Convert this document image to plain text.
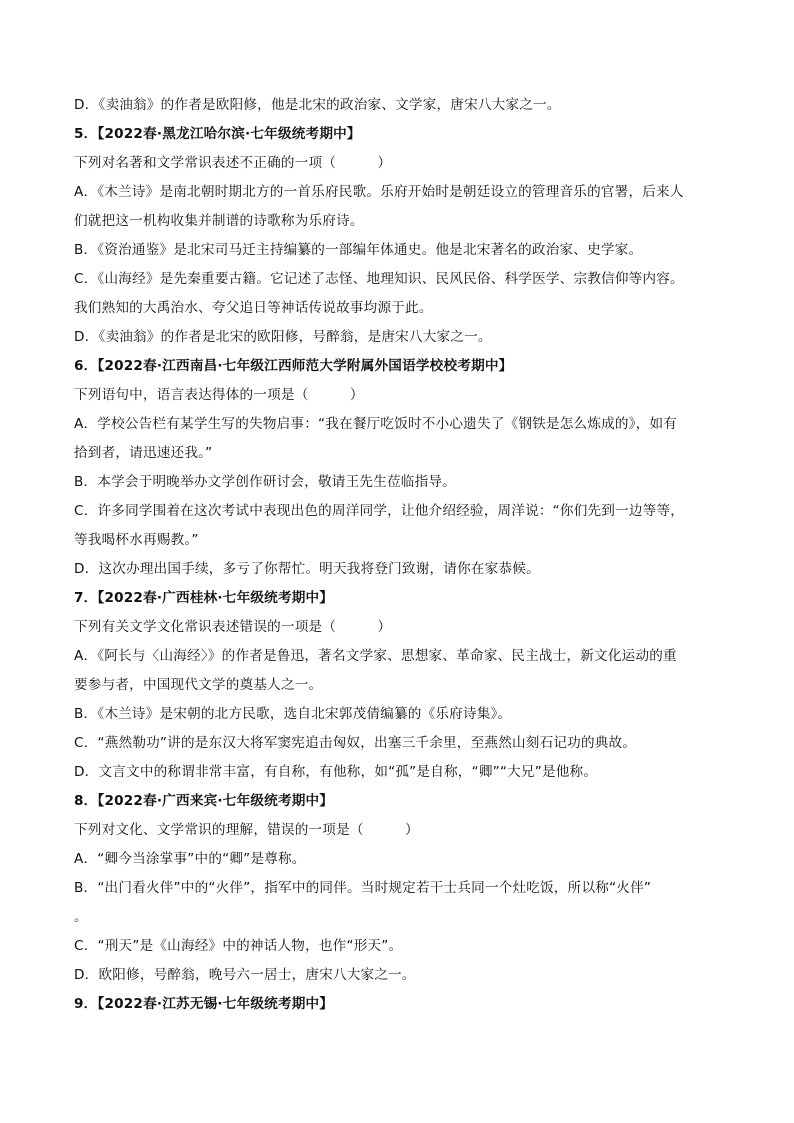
D．《卖油翁》的作者是欧阳修，他是北宋的政治家、文学家，唐宋八大家之一。
5．【2022春·黑龙江哈尔滨·七年级统考期中】
下列对名著和文学常识表述不正确的一项（　　　）
A．《木兰诗》是南北朝时期北方的一首乐府民歌。乐府开始时是朝廷设立的管理音乐的官署，后来人
们就把这一机构收集并制谱的诗歌称为乐府诗。
B．《资治通鉴》是北宋司马迁主持编纂的一部编年体通史。他是北宋著名的政治家、史学家。
C．《山海经》是先秦重要古籍。它记述了志怪、地理知识、民风民俗、科学医学、宗教信仰等内容。
我们熟知的大禹治水、夸父追日等神话传说故事均源于此。
D．《卖油翁》的作者是北宋的欧阳修，号醉翁，是唐宋八大家之一。
6．【2022春·江西南昌·七年级江西师范大学附属外国语学校校考期中】
下列语句中，语言表达得体的一项是（　　　）
A．学校公告栏有某学生写的失物启事：“我在餐厅吃饭时不小心遗失了《钢铁是怎么炼成的》，如有
拾到者，请迅速还我。”
B．本学会于明晚举办文学创作研讨会，敬请王先生莅临指导。
C．许多同学围着在这次考试中表现出色的周洋同学，让他介绍经验，周洋说：“你们先到一边等等，
等我喝杯水再赐教。”
D．这次办理出国手续，多亏了你帮忙。明天我将登门致谢，请你在家恭候。
7．【2022春·广西桂林·七年级统考期中】
下列有关文学文化常识表述错误的一项是（　　　）
A．《阿长与〈山海经〉》的作者是鲁迅，著名文学家、思想家、革命家、民主战士，新文化运动的重
要参与者，中国现代文学的奠基人之一。
B．《木兰诗》是宋朝的北方民歌，选自北宋郭茂倩编纂的《乐府诗集》。
C．“燕然勒功”讲的是东汉大将军窦宪追击匈奴，出塞三千余里，至燕然山刻石记功的典故。
D．文言文中的称谓非常丰富，有自称，有他称，如“孤”是自称，“卿”“大兄”是他称。
8．【2022春·广西来宾·七年级统考期中】
下列对文化、文学常识的理解，错误的一项是（　　　）
A．“卿今当涂掌事”中的“卿”是尊称。
B．“出门看火伴”中的“火伴”，指军中的同伴。当时规定若干士兵同一个灶吃饭，所以称“火伴”
。
C．“刑天”是《山海经》中的神话人物，也作“形天”。
D．欧阳修，号醉翁，晚号六一居士，唐宋八大家之一。
9．【2022春·江苏无锡·七年级统考期中】
